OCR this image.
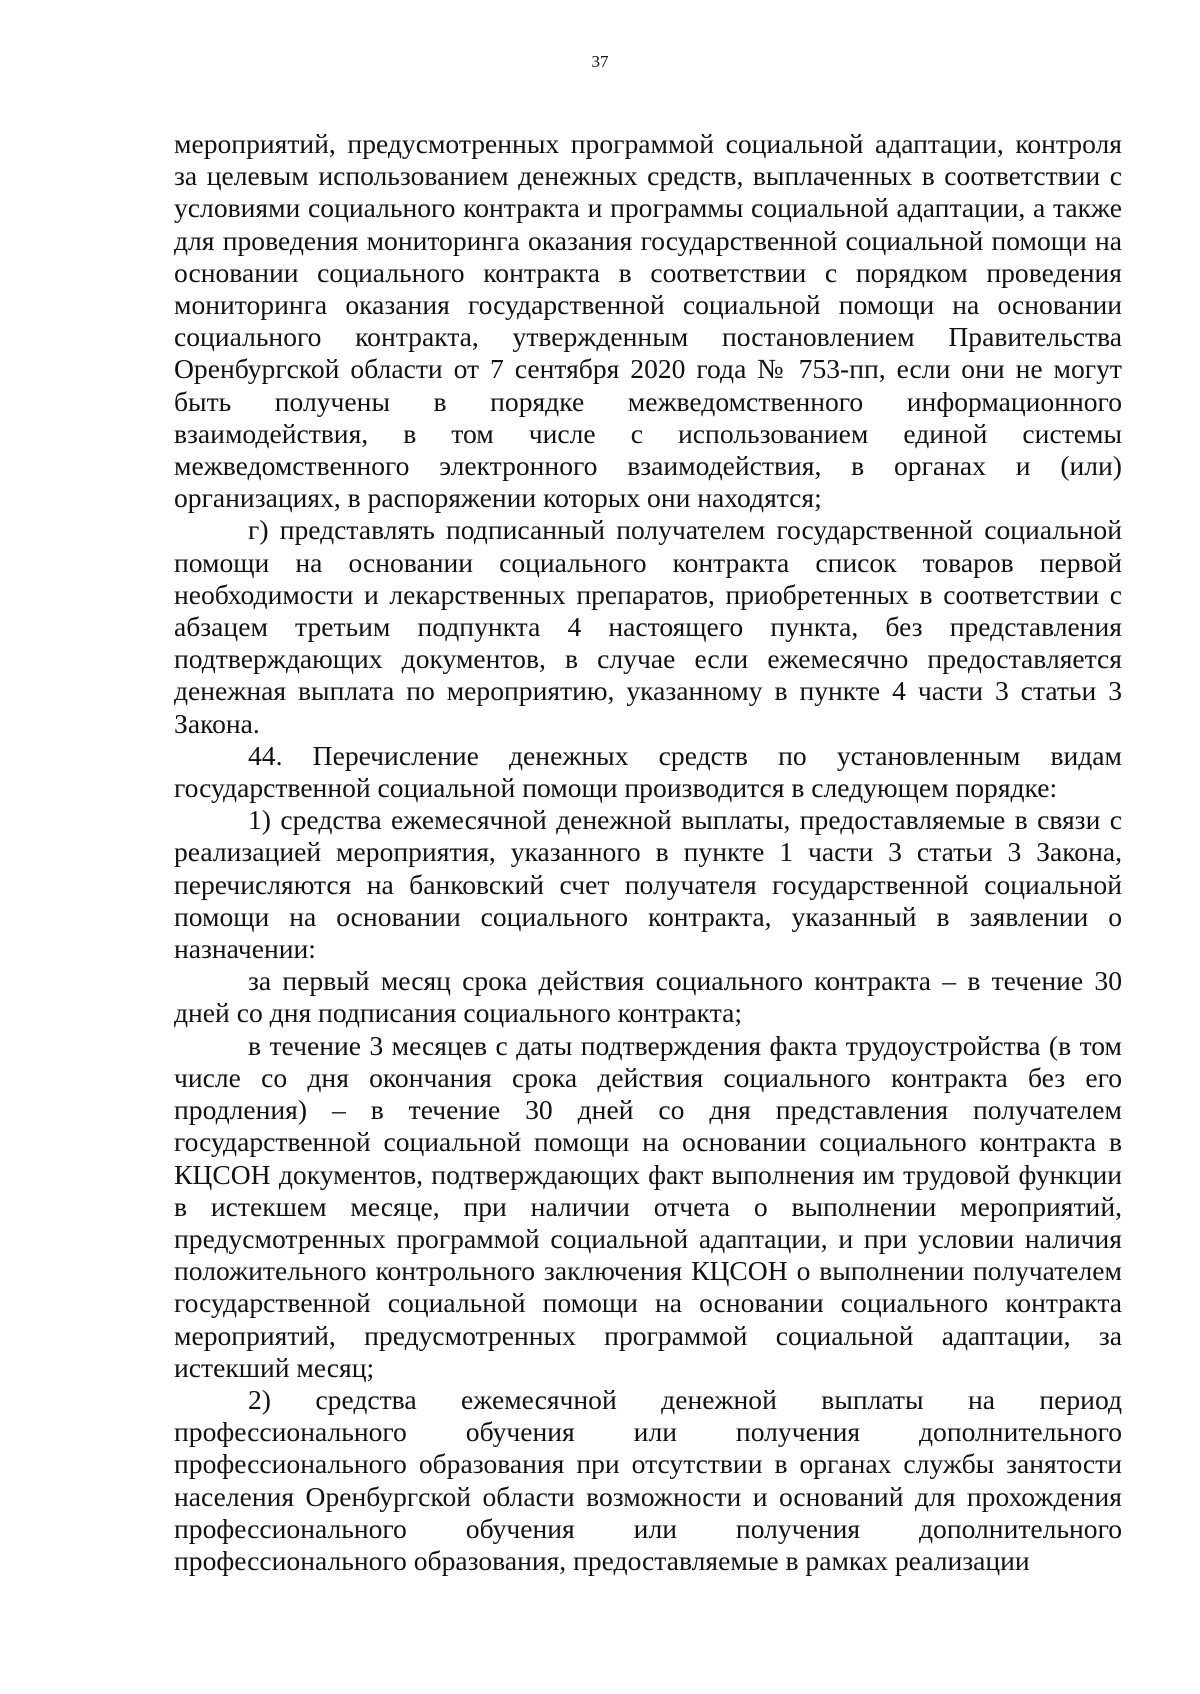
37

мероприятий, предусмотренных программой социальной адаптации, контроля за целевым использованием денежных средств, выплаченных в соответствии с условиями социального контракта и программы социальной адаптации, а также для проведения мониторинга оказания государственной социальной помощи на основании социального контракта в соответствии с порядком проведения мониторинга оказания государственной социальной помощи на основании социального контракта, утвержденным постановлением Правительства Оренбургской области от 7 сентября 2020 года № 753-пп, если они не могут быть получены в порядке межведомственного информационного взаимодействия, в том числе с использованием единой системы межведомственного электронного взаимодействия, в органах и (или) организациях, в распоряжении которых они находятся;

г) представлять подписанный получателем государственной социальной помощи на основании социального контракта список товаров первой необходимости и лекарственных препаратов, приобретенных в соответствии с абзацем третьим подпункта 4 настоящего пункта, без представления подтверждающих документов, в случае если ежемесячно предоставляется денежная выплата по мероприятию, указанному в пункте 4 части 3 статьи 3 Закона.

44. Перечисление денежных средств по установленным видам государственной социальной помощи производится в следующем порядке:

1) средства ежемесячной денежной выплаты, предоставляемые в связи с реализацией мероприятия, указанного в пункте 1 части 3 статьи 3 Закона, перечисляются на банковский счет получателя государственной социальной помощи на основании социального контракта, указанный в заявлении о назначении:

за первый месяц срока действия социального контракта – в течение 30 дней со дня подписания социального контракта;

в течение 3 месяцев с даты подтверждения факта трудоустройства (в том числе со дня окончания срока действия социального контракта без его продления) – в течение 30 дней со дня представления получателем государственной социальной помощи на основании социального контракта в КЦСОН документов, подтверждающих факт выполнения им трудовой функции в истекшем месяце, при наличии отчета о выполнении мероприятий, предусмотренных программой социальной адаптации, и при условии наличия положительного контрольного заключения КЦСОН о выполнении получателем государственной социальной помощи на основании социального контракта мероприятий, предусмотренных программой социальной адаптации, за истекший месяц;

2) средства ежемесячной денежной выплаты на период профессионального обучения или получения дополнительного профессионального образования при отсутствии в органах службы занятости населения Оренбургской области возможности и оснований для прохождения профессионального обучения или получения дополнительного профессионального образования, предоставляемые в рамках реализации
